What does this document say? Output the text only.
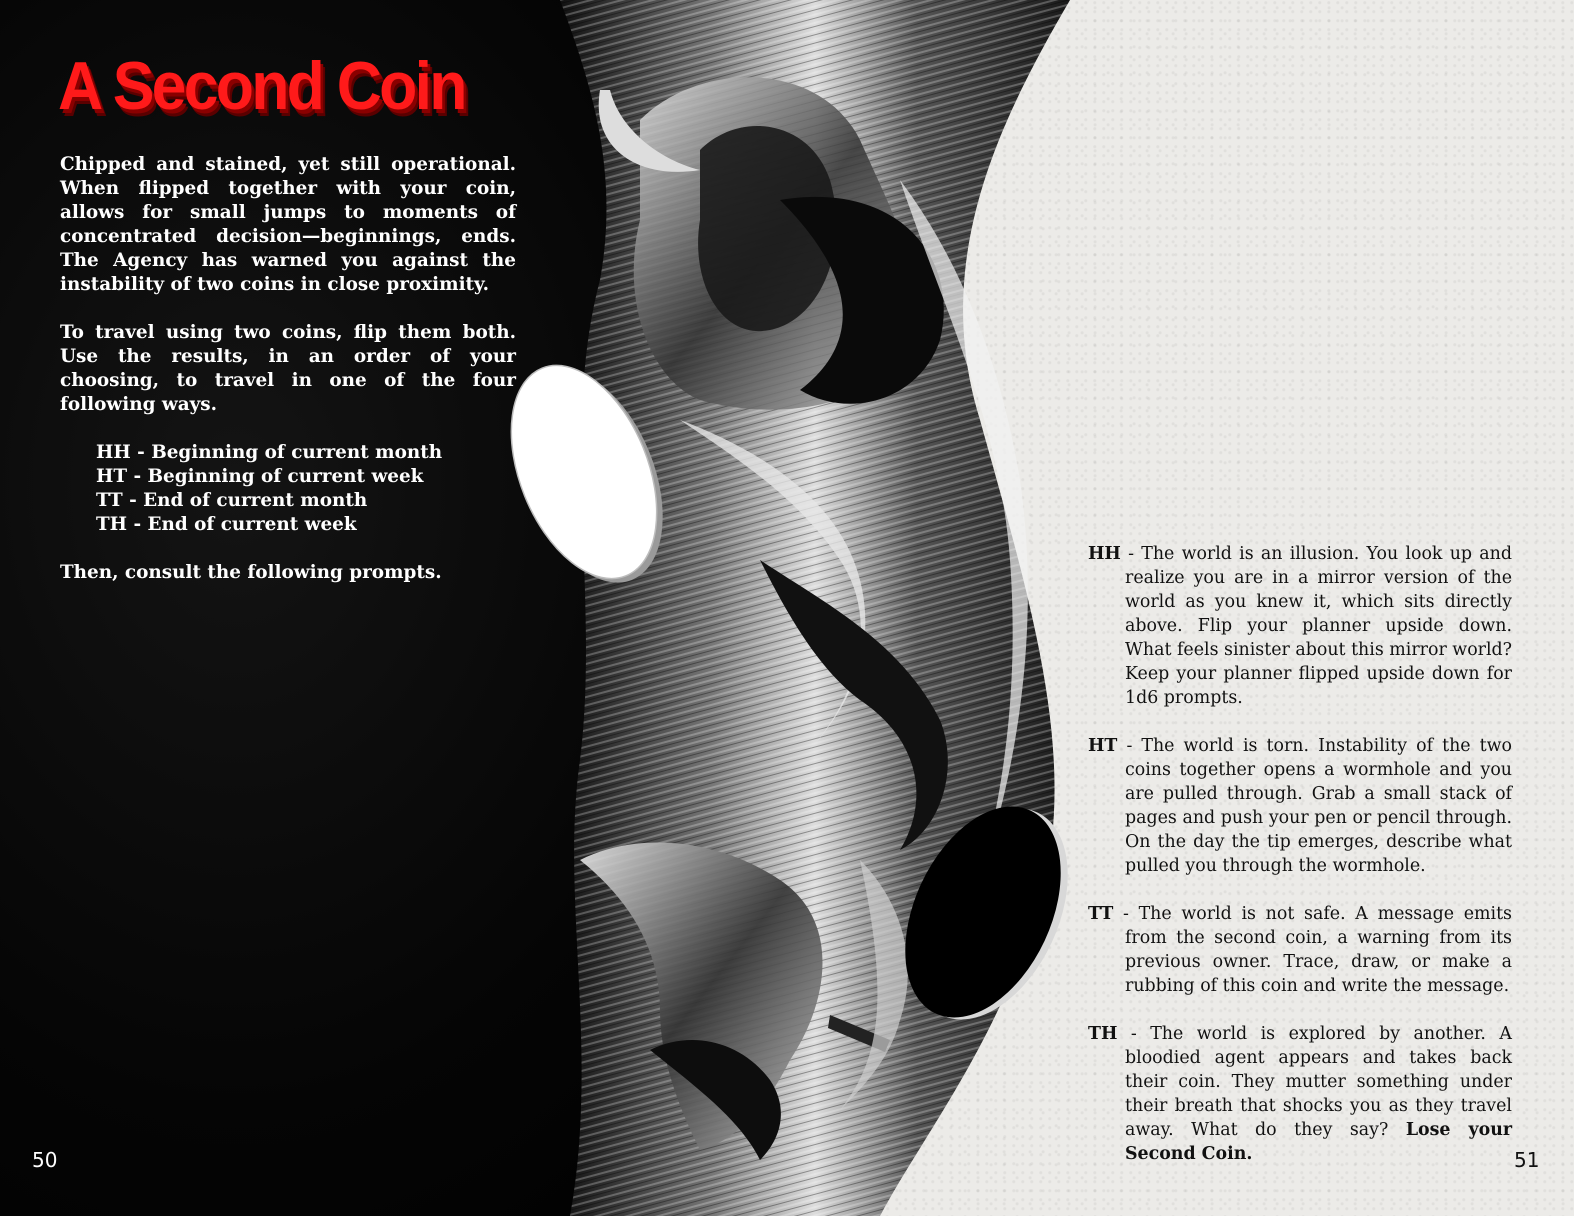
A Second Coin

Chipped and stained, yet still operational. When flipped together with your coin, allows for small jumps to moments of concentrated decision—beginnings, ends. The Agency has warned you against the instability of two coins in close proximity.

To travel using two coins, flip them both. Use the results, in an order of your choosing, to travel in one of the four following ways.

HH - Beginning of current month
HT - Beginning of current week
TT - End of current month
TH - End of current week

Then, consult the following prompts.

HH - The world is an illusion. You look up and realize you are in a mirror version of the world as you knew it, which sits directly above. Flip your planner upside down. What feels sinister about this mirror world? Keep your planner flipped upside down for 1d6 prompts.

HT - The world is torn. Instability of the two coins together opens a wormhole and you are pulled through. Grab a small stack of pages and push your pen or pencil through. On the day the tip emerges, describe what pulled you through the wormhole.

TT - The world is not safe. A message emits from the second coin, a warning from its previous owner. Trace, draw, or make a rubbing of this coin and write the message.

TH - The world is explored by another. A bloodied agent appears and takes back their coin. They mutter something under their breath that shocks you as they travel away. What do they say? Lose your Second Coin.

50	51
